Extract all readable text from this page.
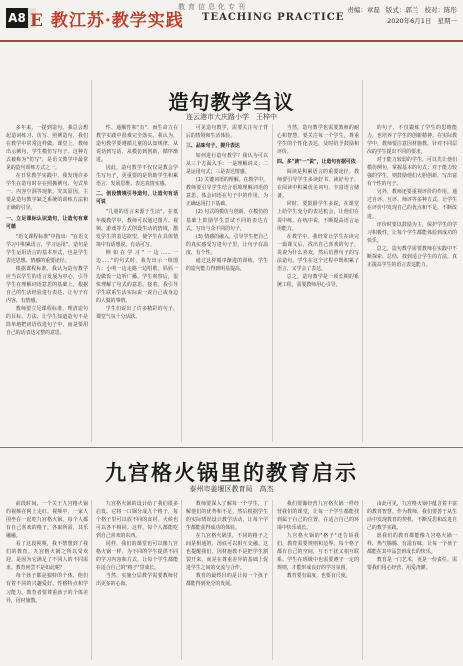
A8
教育信息化专刊
E 教江苏·教学实践 TEACHING PRACTICE
责编：章磊 版式：郭兰 校对：陈彤
2020年6月1日 星期一
造句教学刍议
连云港市大庆路小学　王梓中

多年来，一提到造句，我总会想起造词练习、仿写、照例造句，我们在教学中常常这样做。课堂上，教师出示例句，学生模仿写句子。这种方式被称为"仿写"，是语文教学中最常见的造句训练方式之一。

在日常教学实践中，我发现许多学生在造句时存在照搬例句、句式单一、内容空洞等现象。究其原因，主要是造句教学缺乏系统的训练方法和正确的引导。

一、立足课标认识造句，让造句有章可循

"语文课程标准"中指出："在语文学习中积累语言，学习运用"。造句是学生运用语言的基本形式，也是学生表达思想、情感的重要途径。

根据课程标准，我认为造句教学应当以学生的语言发展为中心，引导学生在理解词语意思的基础上，根据自己的生活经验进行表达，让句子有内容、有情感。

教师要立足课程标准，理清造句的目标、方法，让学生知道造句不是简单地把词语放进句子中，而是要用自己的话表达完整的意思。

性、通顺性和"有"，而生命力在教学实践中很难完全落实。我认为，造句教学要遵循儿童的认知规律，从说话到写话，从模仿到创新，循序渐进。

因此，造句教学不仅仅是教会学生写句子，更重要的是帮助学生积累语言、发展思维、表达真情实感。

二、创设情境引导造句，让造句有话可说

"儿童的语言来源于生活"。在低年级教学中，教师可以通过图片、视频、游戏等方式创设生动的情境，激发学生的表达欲望，使学生在具体情境中有话想说、有话可写。

例如在学习"一边……一边……"的句式时，我先出示一组图片：小明一边走路一边唱歌，妈妈一边做饭一边听广播。学生观察后，很快理解了句式的意思。接着，我引导学生联系生活实际说一说自己或身边的人做的事情。

学生们说出了许多精彩的句子，课堂气氛十分活跃。

可见造句教学，需要关注句子背后的情境和生活体验。

三、品味句子，提升表达

如何进行造句教学？我认为可以从三个方面入手：一是理解词义；二是运用句式；三是表达情感。

(1) 关键词语的理解。在教学中，教师要引导学生结合语境理解词语的意思，体会词语在句子中的作用，为正确运用打下基础。

(2) 句式的模仿与创新。在模仿的基础上鼓励学生尝试不同的表达方式，写出与众不同的句子。

(3) 情感的融入。引导学生把自己的真实感受写进句子里，让句子有温度、有个性。

通过这样循序渐进的训练，学生的造句能力得到明显提高。

当然，造句教学也需要教师的耐心和智慧。要关注每一个学生，尊重学生的个性化表达，及时给予鼓励和评价。

四、多"读"一"说"，让造句有据可依

阅读是积累语言的重要途径。教师要引导学生多读好书、读好句子，在阅读中积累优美词句，丰富语言储备。

同时，要鼓励学生多说，在课堂上给学生充分的表达机会，让他们在说中练、在练中说，不断提高语言运用能力。

在教学中，我经常让学生在读完一篇课文后，找出自己喜欢的句子，说说为什么喜欢，然后仿照句子的写法造句。学生在这个过程中既积累了语言，又学会了表达。

总之，造句教学是一项长期的系统工程，需要教师用心引导。

的句子，不仅锻炼了学生的思维能力，也培养了学生的创新精神。在实际教学中，教师要注意因材施教，针对不同层次的学生提出不同的要求。

对于能力较弱的学生，可以先让他们模仿例句，掌握基本的句式；对于能力较强的学生，则鼓励他们大胆创新，写出富有个性的句子。

另外，教师还要重视评价的作用。通过自评、互评、师评等多种方式，让学生在评价中发现自己的优点和不足，不断改进。

评价时要以鼓励为主，保护学生的学习积极性，让每个学生都能体验到成功的快乐。

总之，造句教学需要教师在实践中不断探索、总结，找到适合学生的方法，真正提高学生的语言表达能力。

九宫格火锅里的教育启示
泰州市姜堰区教育局　高杰

前段时间，一个关于九宫格火锅的视频在网上走红。视频中，一家人围坐在一起吃九宫格火锅，每个人都有自己喜欢的格子，各取所需，其乐融融。

看了这段视频，我不禁想到了我们的教育。九宫格火锅之所以受欢迎，是因为它满足了不同人的不同需求。教育何尝不是如此呢？

每个孩子都是独特的个体，他们有着不同的兴趣爱好、性格特点和学习能力。教育者要尊重孩子的个体差异，因材施教。

九宫格火锅的设计给了我们很多启发。它将一口锅分成九个格子，每个格子里可以放不同的食材，火候也可以各不相同。这样，每个人都能吃到自己喜欢的东西。

同样，我们的课堂也可以像九宫格火锅一样，为不同的学生提供不同的学习内容和方式，让每个学生都能在适合自己的"格子"里成长。

当然，实施分层教学需要教师付出更多的心血。

教师要深入了解每一个学生，了解他们的优势和不足，然后根据学生的实际情况设计教学活动，让每个学生都能获得成功的体验。

在九宫格火锅里，不同的格子之间是相通的，汤底可以相互交融。这也提醒我们，因材施教不是把学生割裂开来，而是在尊重差异的基础上促进学生之间的交流与合作。

教育的最终目的是让每一个孩子都能得到充分的发展。

我们要像经营九宫格火锅一样经营我们的课堂，让每一个学生都能找到属于自己的位置，在适合自己的环境中快乐成长。

九宫格火锅的"格子"还告诉我们，教育需要规则和边界。每个格子都有自己的空间，互不干扰又相互联系。学生在班级中也需要遵守一定的规则，才能形成良好的学习氛围。

教育要有温度，也要有尺度。

由此可见，九宫格火锅中蕴含着丰富的教育智慧。作为教师，我们要善于从生活中发现教育的契机，不断反思和改进自己的教学实践。

愿我们的教育都能像九宫格火锅一样，热气腾腾、有滋有味，让每一个孩子都能在其中品尝到成长的快乐。

教育是一门艺术，更是一份责任，需要我们用心经营、用爱浇灌。
